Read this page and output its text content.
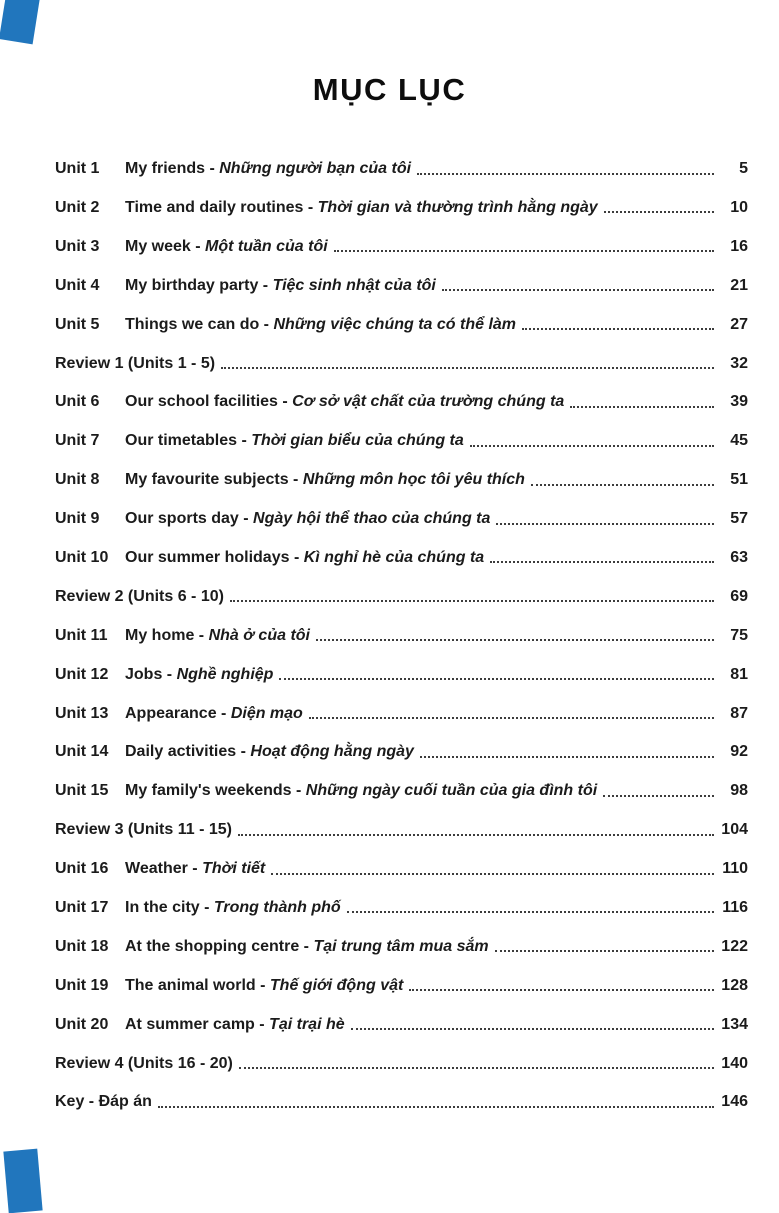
MỤC LỤC
Unit 1	My friends - Những người bạn của tôi	5
Unit 2	Time and daily routines - Thời gian và thường trình hằng ngày	10
Unit 3	My week - Một tuần của tôi	16
Unit 4	My birthday party - Tiệc sinh nhật của tôi	21
Unit 5	Things we can do - Những việc chúng ta có thể làm	27
Review 1 (Units 1 - 5)	32
Unit 6	Our school facilities - Cơ sở vật chất của trường chúng ta	39
Unit 7	Our timetables - Thời gian biểu của chúng ta	45
Unit 8	My favourite subjects - Những môn học tôi yêu thích	51
Unit 9	Our sports day - Ngày hội thể thao của chúng ta	57
Unit 10	Our summer holidays - Kì nghỉ hè của chúng ta	63
Review 2 (Units 6 - 10)	69
Unit 11	My home - Nhà ở của tôi	75
Unit 12	Jobs - Nghề nghiệp	81
Unit 13	Appearance - Diện mạo	87
Unit 14	Daily activities - Hoạt động hằng ngày	92
Unit 15	My family's weekends - Những ngày cuối tuần của gia đình tôi	98
Review 3 (Units 11 - 15)	104
Unit 16	Weather - Thời tiết	110
Unit 17	In the city - Trong thành phố	116
Unit 18	At the shopping centre - Tại trung tâm mua sắm	122
Unit 19	The animal world - Thế giới động vật	128
Unit 20	At summer camp - Tại trại hè	134
Review 4 (Units 16 - 20)	140
Key - Đáp án	146
